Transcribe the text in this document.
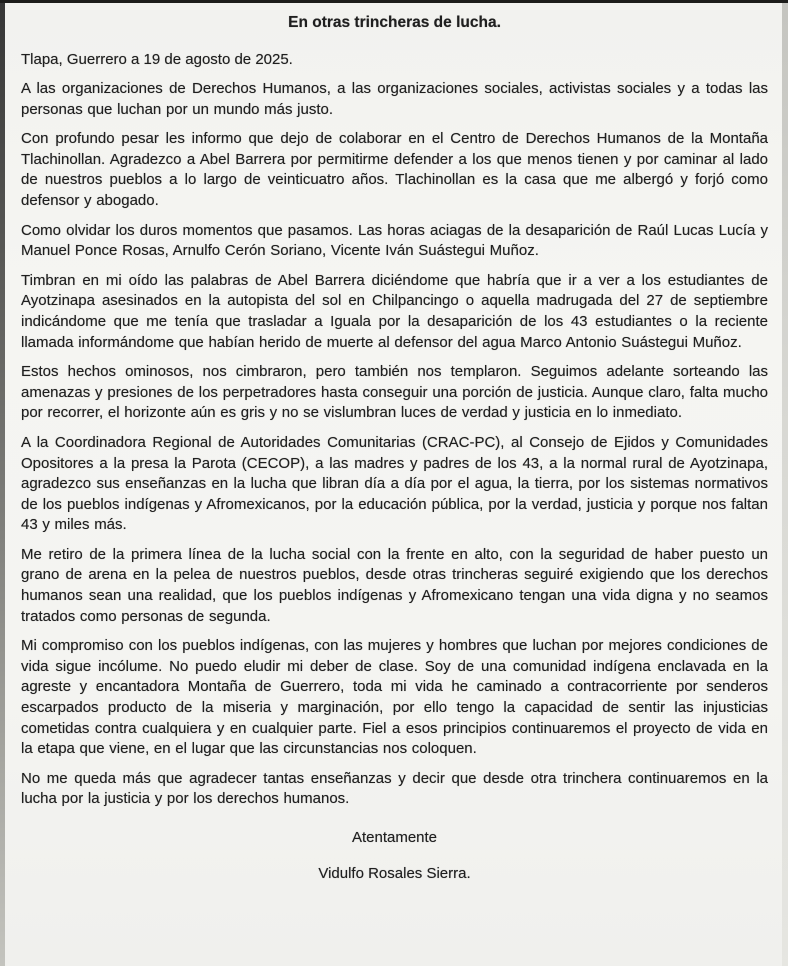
En otras trincheras de lucha.

Tlapa, Guerrero a 19 de agosto de 2025.

A las organizaciones de Derechos Humanos, a las organizaciones sociales, activistas sociales y a todas las personas que luchan por un mundo más justo.

Con profundo pesar les informo que dejo de colaborar en el Centro de Derechos Humanos de la Montaña Tlachinollan. Agradezco a Abel Barrera por permitirme defender a los que menos tienen y por caminar al lado de nuestros pueblos a lo largo de veinticuatro años. Tlachinollan es la casa que me albergó y forjó como defensor y abogado.

Como olvidar los duros momentos que pasamos. Las horas aciagas de la desaparición de Raúl Lucas Lucía y Manuel Ponce Rosas, Arnulfo Cerón Soriano, Vicente Iván Suástegui Muñoz.

Timbran en mi oído las palabras de Abel Barrera diciéndome que habría que ir a ver a los estudiantes de Ayotzinapa asesinados en la autopista del sol en Chilpancingo o aquella madrugada del 27 de septiembre indicándome que me tenía que trasladar a Iguala por la desaparición de los 43 estudiantes o la reciente llamada informándome que habían herido de muerte al defensor del agua Marco Antonio Suástegui Muñoz.

Estos hechos ominosos, nos cimbraron, pero también nos templaron. Seguimos adelante sorteando las amenazas y presiones de los perpetradores hasta conseguir una porción de justicia. Aunque claro, falta mucho por recorrer, el horizonte aún es gris y no se vislumbran luces de verdad y justicia en lo inmediato.

A la Coordinadora Regional de Autoridades Comunitarias (CRAC-PC), al Consejo de Ejidos y Comunidades Opositores a la presa la Parota (CECOP), a las madres y padres de los 43, a la normal rural de Ayotzinapa, agradezco sus enseñanzas en la lucha que libran día a día por el agua, la tierra, por los sistemas normativos de los pueblos indígenas y Afromexicanos, por la educación pública, por la verdad, justicia y porque nos faltan 43 y miles más.

Me retiro de la primera línea de la lucha social con la frente en alto, con la seguridad de haber puesto un grano de arena en la pelea de nuestros pueblos, desde otras trincheras seguiré exigiendo que los derechos humanos sean una realidad, que los pueblos indígenas y Afromexicano tengan una vida digna y no seamos tratados como personas de segunda.

Mi compromiso con los pueblos indígenas, con las mujeres y hombres que luchan por mejores condiciones de vida sigue incólume. No puedo eludir mi deber de clase. Soy de una comunidad indígena enclavada en la agreste y encantadora Montaña de Guerrero, toda mi vida he caminado a contracorriente por senderos escarpados producto de la miseria y marginación, por ello tengo la capacidad de sentir las injusticias cometidas contra cualquiera y en cualquier parte. Fiel a esos principios continuaremos el proyecto de vida en la etapa que viene, en el lugar que las circunstancias nos coloquen.

No me queda más que agradecer tantas enseñanzas y decir que desde otra trinchera continuaremos en la lucha por la justicia y por los derechos humanos.

Atentamente

Vidulfo Rosales Sierra.
